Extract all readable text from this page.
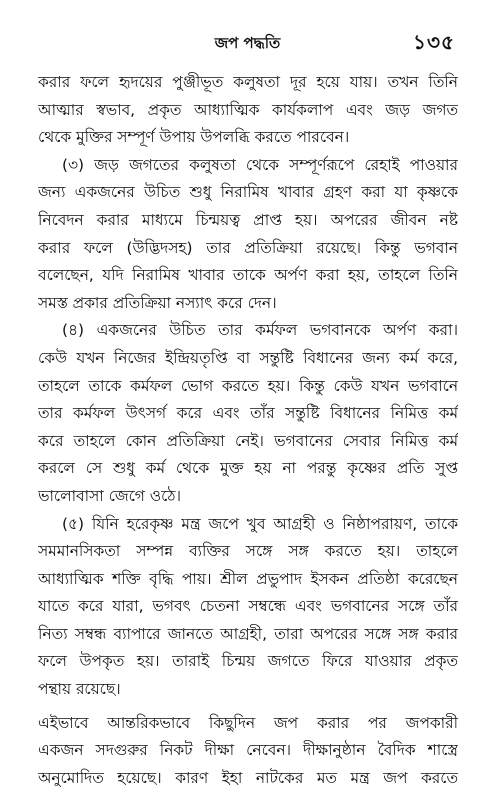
জপ পদ্ধতি	১৩৫
করার ফলে হৃদয়ের পুঞ্জীভূত কলুষতা দূর হয়ে যায়। তখন তিনি
আত্মার স্বভাব, প্রকৃত আধ্যাত্মিক কার্যকলাপ এবং জড় জগত
থেকে মুক্তির সম্পূর্ণ উপায় উপলব্ধি করতে পারবেন।
(৩) জড় জগতের কলুষতা থেকে সম্পূর্ণরূপে রেহাই পাওয়ার
জন্য একজনের উচিত শুধু নিরামিষ খাবার গ্রহণ করা যা কৃষ্ণকে
নিবেদন করার মাধ্যমে চিন্ময়ত্ব প্রাপ্ত হয়। অপরের জীবন নষ্ট
করার ফলে (উদ্ভিদসহ) তার প্রতিক্রিয়া রয়েছে। কিন্তু ভগবান
বলেছেন, যদি নিরামিষ খাবার তাকে অর্পণ করা হয়, তাহলে তিনি
সমস্ত প্রকার প্রতিক্রিয়া নস্যাৎ করে দেন।
(৪) একজনের উচিত তার কর্মফল ভগবানকে অর্পণ করা।
কেউ যখন নিজের ইন্দ্রিয়তৃপ্তি বা সন্তুষ্টি বিধানের জন্য কর্ম করে,
তাহলে তাকে কর্মফল ভোগ করতে হয়। কিন্তু কেউ যখন ভগবানে
তার কর্মফল উৎসর্গ করে এবং তাঁর সন্তুষ্টি বিধানের নিমিত্ত কর্ম
করে তাহলে কোন প্রতিক্রিয়া নেই। ভগবানের সেবার নিমিত্ত কর্ম
করলে সে শুধু কর্ম থেকে মুক্ত হয় না পরন্তু কৃষ্ণের প্রতি সুপ্ত
ভালোবাসা জেগে ওঠে।
(৫) যিনি হরেকৃষ্ণ মন্ত্র জপে খুব আগ্রহী ও নিষ্ঠাপরায়ণ, তাকে
সমমানসিকতা সম্পন্ন ব্যক্তির সঙ্গে সঙ্গ করতে হয়। তাহলে
আধ্যাত্মিক শক্তি বৃদ্ধি পায়। শ্রীল প্রভুপাদ ইসকন প্রতিষ্ঠা করেছেন
যাতে করে যারা, ভগবৎ চেতনা সম্বন্ধে এবং ভগবানের সঙ্গে তাঁর
নিত্য সম্বন্ধ ব্যাপারে জানতে আগ্রহী, তারা অপরের সঙ্গে সঙ্গ করার
ফলে উপকৃত হয়। তারাই চিন্ময় জগতে ফিরে যাওয়ার প্রকৃত
পন্থায় রয়েছে।
এইভাবে আন্তরিকভাবে কিছুদিন জপ করার পর জপকারী
একজন সদগুরুর নিকট দীক্ষা নেবেন। দীক্ষানুষ্ঠান বৈদিক শাস্ত্রে
অনুমোদিত হয়েছে। কারণ ইহা নাটকের মত মন্ত্র জপ করতে
